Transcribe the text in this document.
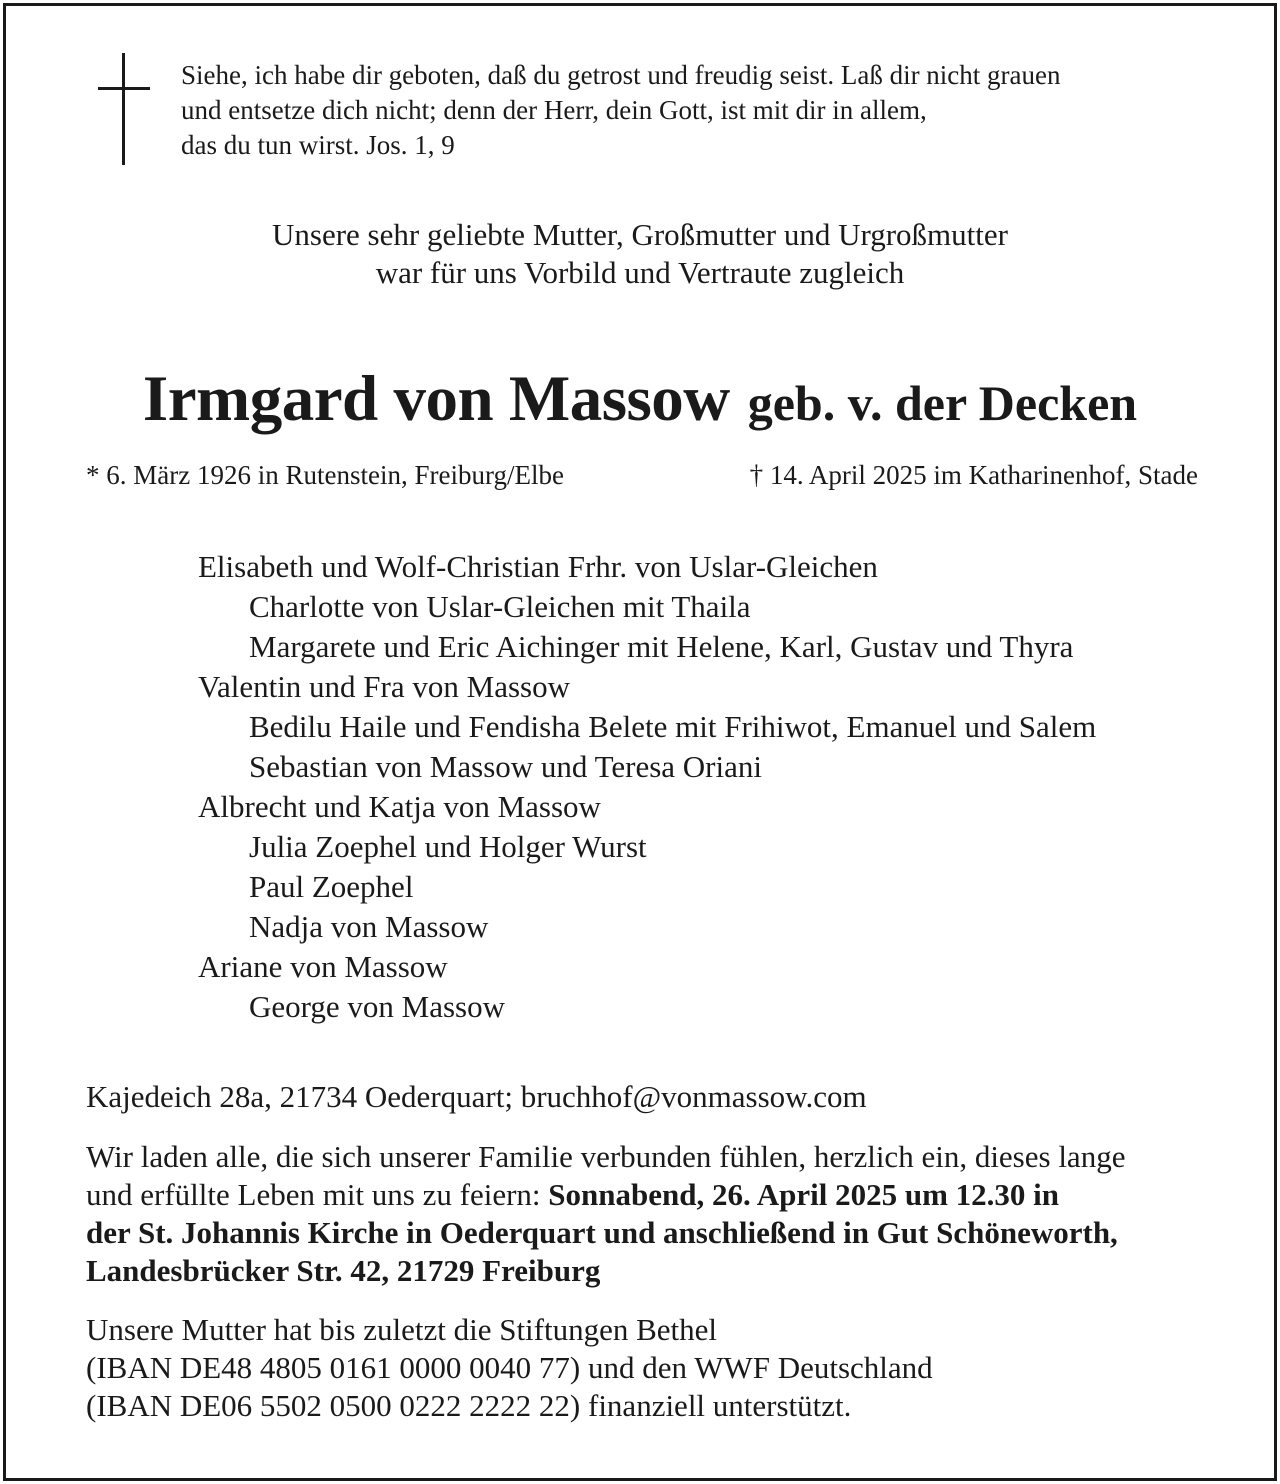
Siehe, ich habe dir geboten, daß du getrost und freudig seist. Laß dir nicht grauen
und entsetze dich nicht; denn der Herr, dein Gott, ist mit dir in allem,
das du tun wirst. Jos. 1, 9
Unsere sehr geliebte Mutter, Großmutter und Urgroßmutter
war für uns Vorbild und Vertraute zugleich
Irmgard von Massow geb. v. der Decken
* 6. März 1926 in Rutenstein, Freiburg/Elbe	† 14. April 2025 im Katharinenhof, Stade
Elisabeth und Wolf-Christian Frhr. von Uslar-Gleichen
Charlotte von Uslar-Gleichen mit Thaila
Margarete und Eric Aichinger mit Helene, Karl, Gustav und Thyra
Valentin und Fra von Massow
Bedilu Haile und Fendisha Belete mit Frihiwot, Emanuel und Salem
Sebastian von Massow und Teresa Oriani
Albrecht und Katja von Massow
Julia Zoephel und Holger Wurst
Paul Zoephel
Nadja von Massow
Ariane von Massow
George von Massow
Kajedeich 28a, 21734 Oederquart; bruchhof@vonmassow.com
Wir laden alle, die sich unserer Familie verbunden fühlen, herzlich ein, dieses lange
und erfüllte Leben mit uns zu feiern: Sonnabend, 26. April 2025 um 12.30 in
der St. Johannis Kirche in Oederquart und anschließend in Gut Schöneworth,
Landesbrücker Str. 42, 21729 Freiburg
Unsere Mutter hat bis zuletzt die Stiftungen Bethel
(IBAN DE48 4805 0161 0000 0040 77) und den WWF Deutschland
(IBAN DE06 5502 0500 0222 2222 22) finanziell unterstützt.
